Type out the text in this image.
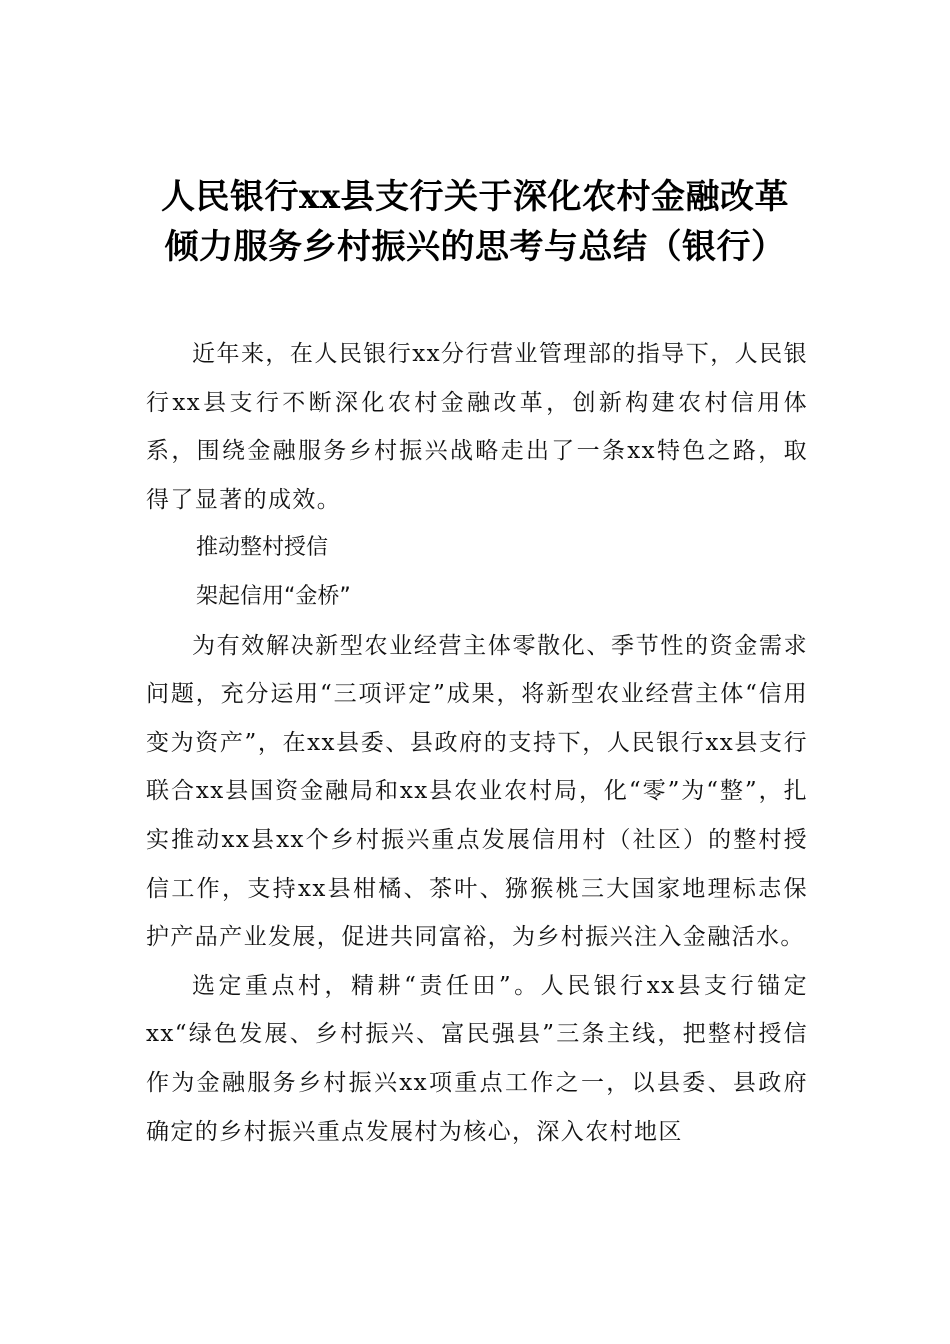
人民银行xx县支行关于深化农村金融改革
倾力服务乡村振兴的思考与总结（银行）

近年来，在人民银行xx分行营业管理部的指导下，人民银行xx县支行不断深化农村金融改革，创新构建农村信用体系，围绕金融服务乡村振兴战略走出了一条xx特色之路，取得了显著的成效。

推动整村授信

架起信用“金桥”

为有效解决新型农业经营主体零散化、季节性的资金需求问题，充分运用“三项评定”成果，将新型农业经营主体“信用变为资产”，在xx县委、县政府的支持下，人民银行xx县支行联合xx县国资金融局和xx县农业农村局，化“零”为“整”，扎实推动xx县xx个乡村振兴重点发展信用村（社区）的整村授信工作，支持xx县柑橘、茶叶、猕猴桃三大国家地理标志保护产品产业发展，促进共同富裕，为乡村振兴注入金融活水。

选定重点村，精耕“责任田”。人民银行xx县支行锚定xx“绿色发展、乡村振兴、富民强县”三条主线，把整村授信作为金融服务乡村振兴xx项重点工作之一，以县委、县政府确定的乡村振兴重点发展村为核心，深入农村地区
